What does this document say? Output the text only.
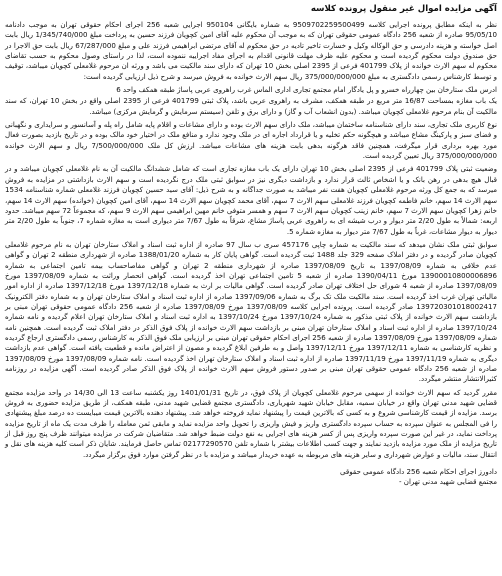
آگهی مزایده اموال غیر منقول پرونده کلاسه

نظر به اینکه مطابق پرونده اجرایی کلاسه 9509702259500499 به شماره بایگانی 950104 اجرایی شعبه 256 اجرای احکام حقوقی تهران به موجب دادنامه 95/05/10 صادره از شعبه 256 دادگاه عمومی حقوقی تهران که به موجب آن محکوم علیه آقای امین کچویان فرزند حسین به پرداخت مبلغ 1/345/740/000 ریال بابت اصل خواسته و هزینه دادرسی و حق الوکاله وکیل و خسارت تاخیر تادیه در حق محکوم له آقای مرتضی ابراهیمی فرزند علی و مبلغ 67/287/000 ریال بابت حق الاجرا در حق صندوق دولت محکوم گردیده است و محکوم علیه ظرف مهلت قانونی اقدام به اجرای مفاد اجراییه ننموده است، لذا در راستای وصول محکوم به حسب تقاضای محکوم له سهم الارث خوانده از پلاک 401799 فرعی از 2395 اصلی بخش 10 تهران که دارای سند مالکیت می باشد و ورثه ان مرحوم غلامعلی کچویان میباشد، توقیف و توسط کارشناس رسمی دادگستری به مبلغ 375/000/000/000 ریال سهم الارث خوانده به فروش میرسد و شرح ذیل ارزیابی گردیده است:

ادرس ملک ستارخان بین چهارراه خسرو و پل یادگار امام مجتمع تجاری اداری الماس غرب راهروی عربی پاساژ طبقه همکف واحد 6

یک باب مغازه بمساحت 16/87 متر مربع در طبقه همکف، مشرف به راهروی عربی باشد، پلاک ثبتی 401799 فرعی از 2395 اصلی واقع در بخش 10 تهران، که سند مالکیت آن بنام مرحوم غلامعلی کچویان میباشد. (بدون انشعاب آب و گاز) و دارای برق و تلفن (سیستم سرمایش و گرمایش مرکزی) میباشد.

نوع کاربری ملک تجاری، سند دارای شناسنامه ساختمان میباشد، ملک دارای سهم الارث بوده و دارای مشاعات و اقلام پایه شامل راه پله و آسانسور و سرایداری و نگهبانی و فضای سبز و پارکینگ مشاع میباشد و هیچگونه حکم تخلیه و یا قرارداد اجاره ای در ملک وجود ندارد و منافع ملک در اختیار خود مالک بوده و در تاریخ بازدید بصورت فعال مورد بهره برداری قرار میگرفت، همچنین فاقد هرگونه بدهی بابت هزینه های مشاعات میباشد. ارزش کل ملک 7/500/000/000 ریال و سهم الارث خوانده 375/000/000/000 ریال تعیین گردیده است.

وضعیت ثبتی پلاک 401799 فرعی از 2395 اصلی بخش 10 تهران دارای یک باب مغازه تجاری است که شامل ششدانگ مالکیت آن به نام غلامعلی کچویان میباشد و در قبال هیچ بدهی در رهن بانک و یا اشخاص ثالث قرار ندارد و بازداشت دیگری نیز در سوابق ثبتی ملک درج نگردیده است و سهم الارث بازداشتی در مزایده به فروش میرسد که به جمع کل ورثه مرحوم غلامعلی کچویان هفت نفر میباشد به صورت جداگانه و به شرح ذیل: آقای سید حسین کچویان فرزند غلامعلی شماره شناسنامه 1534 سهم الارث 14 سهم، خانم فاطمه کچویان فرزند غلامعلی سهم الارث 7 سهم، آقای محمد کچویان سهم الارث 14 سهم، آقای امین کچویان (خوانده) سهم الارث 14 سهم، خانم زهرا کچویان سهم الارث 7 سهم، خانم زینب کچویان سهم الارث 7 سهم و همسر متوفی خانم مهین ابراهیمی سهم الارث 9 سهم، که مجموعاً 72 سهم میباشد. حدود اربعه: شمالاً به طول 2/20 متر دیوار و درب شیشه ای به راهروی عربی پاساژ مشاع، شرقاً به طول 7/67 متر دیواری است به مغازه شماره 7، جنوباً به طول 2/20 متر دیوار به دیوار مشاعات، غرباً به طول 7/67 متر دیوار به مغازه شماره 5.

سوابق ثبتی ملک نشان میدهد که سند مالکیت به شماره چاپی 457176 سری ب سال 97 صادره از اداره ثبت اسناد و املاک ستارخان تهران به نام مرحوم غلامعلی کچویان صادر گردیده و در دفتر املاک صفحه 329 جلد 1488 ثبت گردیده است. گواهی پایان کار به شماره 1388/01/20 صادره از شهرداری منطقه 2 تهران و گواهی عدم خلافی به شماره 1397/08/09 به تاریخ 1397/08/09 صادره از شهرداری منطقه 2 تهران و گواهی مفاصاحساب بیمه تامین اجتماعی به شماره 13900010800006896 مورخ 1390/04/11 صادره از شعبه 5 تامین اجتماعی تهران اخذ گردیده است. گواهی انحصار وراثت به شماره 1397/08/09 مورخ 1397/08/09 صادره از شعبه 4 شورای حل اختلاف تهران صادر گردیده است. گواهی مالیات بر ارث به شماره 1397/12/18 مورخ 1397/12/18 صادره از اداره امور مالیاتی تهران غرب اخذ گردیده است. سند مالکیت ملک تک برگ به شماره 1397/09/06 صادره از اداره ثبت اسناد و املاک ستارخان تهران و به شماره دفتر الکترونیک 139720301018002417 صادر گردیده است. پرونده اجرایی کلاسه 1397/08/09 مورخ 1397/08/09 صادره از شعبه 256 دادگاه عمومی حقوقی تهران مبنی بر بازداشت سهم الارث خوانده از پلاک ثبتی مذکور به شماره 1397/10/24 مورخ 1397/10/24 به اداره ثبت اسناد و املاک ستارخان تهران اعلام گردیده و نامه شماره 1397/10/24 صادره از اداره ثبت اسناد و املاک ستارخان تهران مبنی بر بازداشت سهم الارث خوانده از پلاک فوق الذکر در دفتر املاک ثبت گردیده است. همچنین نامه شماره 1397/08/09 مورخ 1397/08/09 صادره از شعبه 256 اجرای احکام حقوقی تهران مبنی بر ارزیابی ملک فوق الذکر به کارشناس رسمی دادگستری ارجاع گردیده و نظریه کارشناسی به شماره 1397/12/11 مورخ 1397/12/11 واصل و به طرفین ابلاغ گردیده و مصون از اعتراض مانده و قطعیت یافته است. گواهی عدم بازداشت دیگری به شماره 1397/11/19 مورخ 1397/11/19 صادره از اداره ثبت اسناد و املاک ستارخان تهران اخذ گردیده است. نامه شماره 1397/08/09 مورخ 1397/08/09 صادره از شعبه 256 دادگاه عمومی حقوقی تهران مبنی بر صدور دستور فروش سهم الارث خوانده از پلاک فوق الذکر صادر گردیده است. آگهی مزایده در روزنامه کثیرالانتشار منتشر میگردد.

مقرر گردید که سهم الارث خوانده از سهمی مرحوم غلامعلی کچویان از پلاک فوق، در تاریخ 1401/01/31 روز یکشنبه ساعت 13 الی 14/30 در واحد مزایده مجتمع قضایی شهید مدنی تهران واقع در خیابان سمیه، مقابل خیابان شهید شهریاری، دادگستری مجتمع قضایی شهید مدنی، طبقه همکف، از طریق مزایده حضوری به فروش برسد. مزایده از قیمت کارشناسی شروع و به کسی که بالاترین قیمت را پیشنهاد نماید فروخته خواهد شد. پیشنهاد دهنده بالاترین قیمت میبایست ده درصد مبلغ پیشنهادی را فی المجلس به عنوان سپرده به حساب سپرده دادگستری واریز و فیش واریزی را تحویل واحد مزایده نماید و مابقی ثمن معامله را ظرف مدت یک ماه از تاریخ مزایده پرداخت نماید، در غیر این صورت سپرده واریزی پس از کسر هزینه های اجرایی به نفع دولت ضبط خواهد شد. متقاضیان شرکت در مزایده میتوانند ظرف پنج روز قبل از تاریخ مزایده از ملک مورد مزایده بازدید نمایند و جهت کسب اطلاعات بیشتر با شماره تلفن 02177290570 تماس حاصل فرمایند. شایان ذکر است کلیه هزینه های نقل و انتقال سند، مالیات و عوارض شهرداری و سایر هزینه های مربوطه به عهده خریدار میباشد و مزایده با در نظر گرفتن موارد فوق برگزار میگردد.

دادورز اجرای احکام شعبه 256 دادگاه عمومی حقوقی

مجتمع قضایی شهید مدنی تهران -
